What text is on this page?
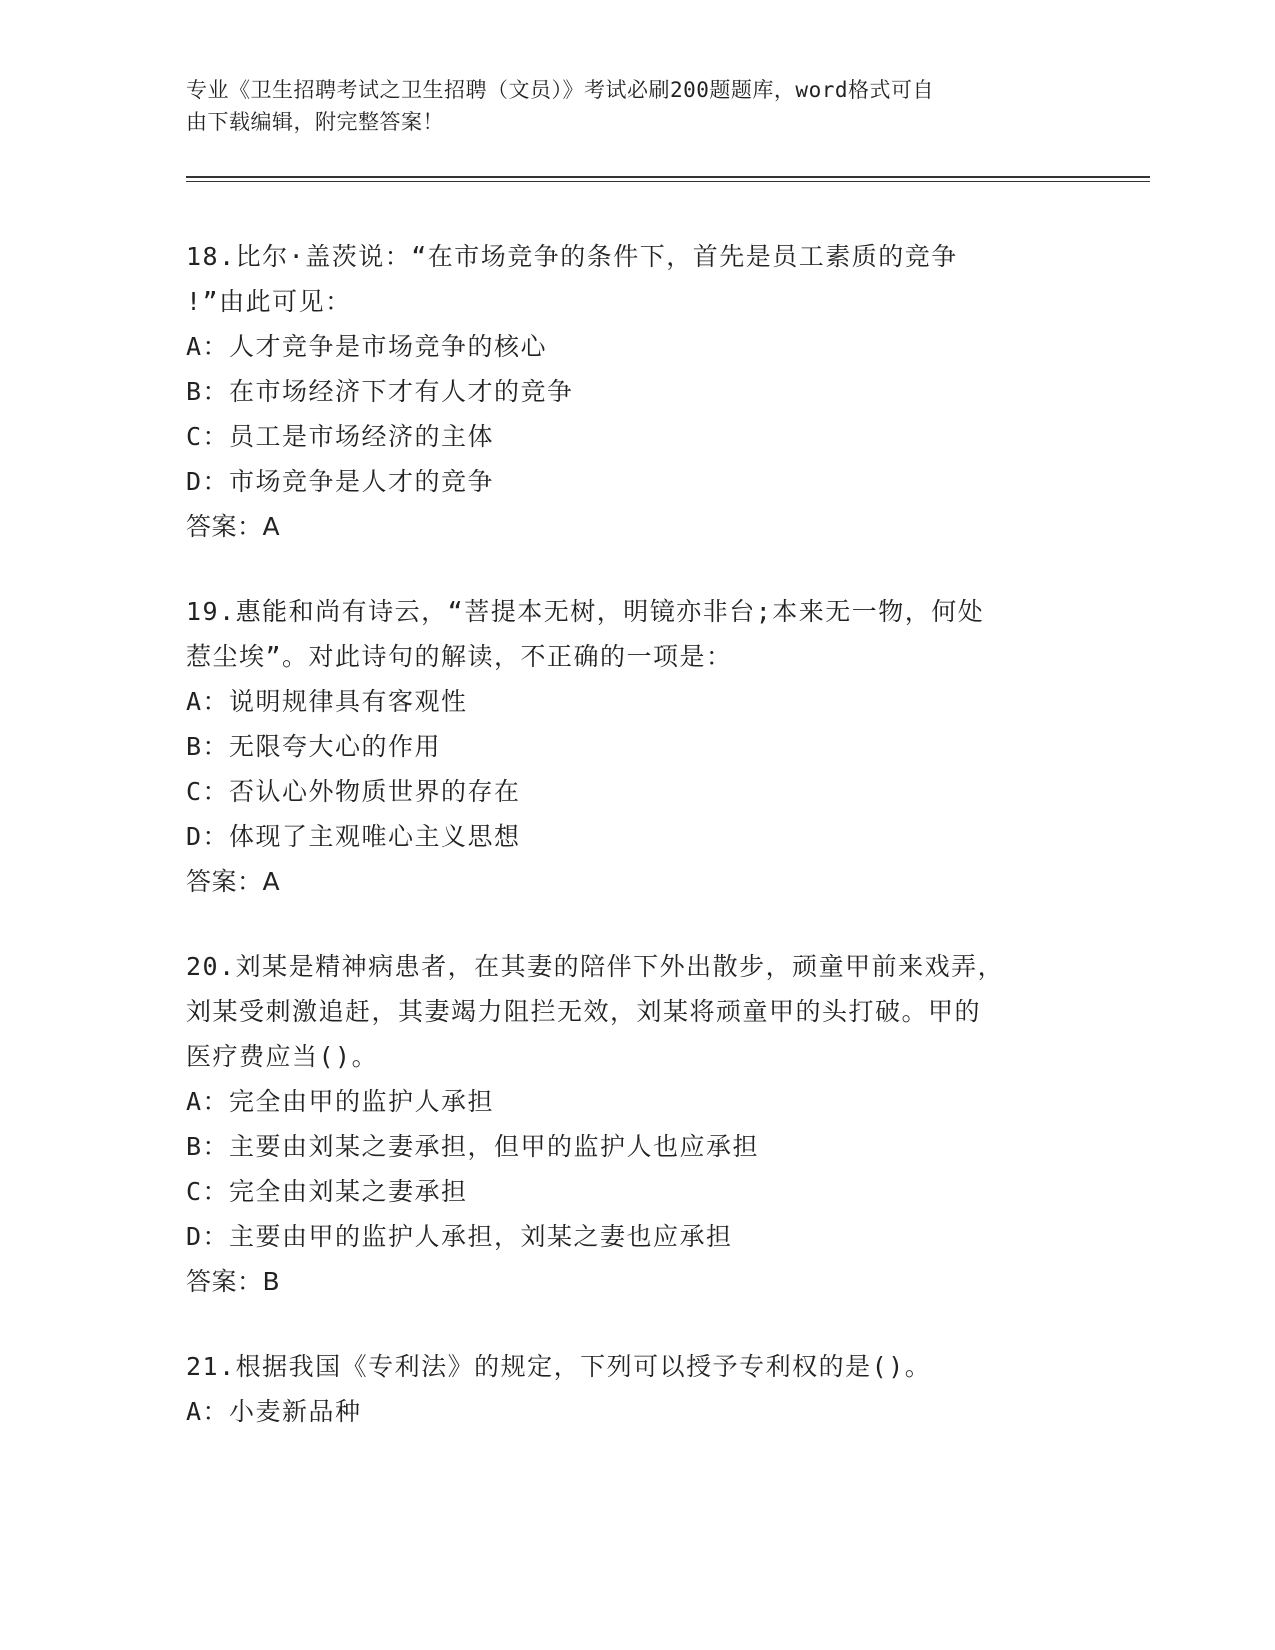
专业《卫生招聘考试之卫生招聘（文员）》考试必刷200题题库，word格式可自
由下载编辑，附完整答案！
18.比尔·盖茨说：“在市场竞争的条件下，首先是员工素质的竞争
!”由此可见：
A：人才竞争是市场竞争的核心
B：在市场经济下才有人才的竞争
C：员工是市场经济的主体
D：市场竞争是人才的竞争
答案：A
19.惠能和尚有诗云，“菩提本无树，明镜亦非台;本来无一物，何处
惹尘埃”。对此诗句的解读，不正确的一项是：
A：说明规律具有客观性
B：无限夸大心的作用
C：否认心外物质世界的存在
D：体现了主观唯心主义思想
答案：A
20.刘某是精神病患者，在其妻的陪伴下外出散步，顽童甲前来戏弄，
刘某受刺激追赶，其妻竭力阻拦无效，刘某将顽童甲的头打破。甲的
医疗费应当()。
A：完全由甲的监护人承担
B：主要由刘某之妻承担，但甲的监护人也应承担
C：完全由刘某之妻承担
D：主要由甲的监护人承担，刘某之妻也应承担
答案：B
21.根据我国《专利法》的规定，下列可以授予专利权的是()。
A：小麦新品种
